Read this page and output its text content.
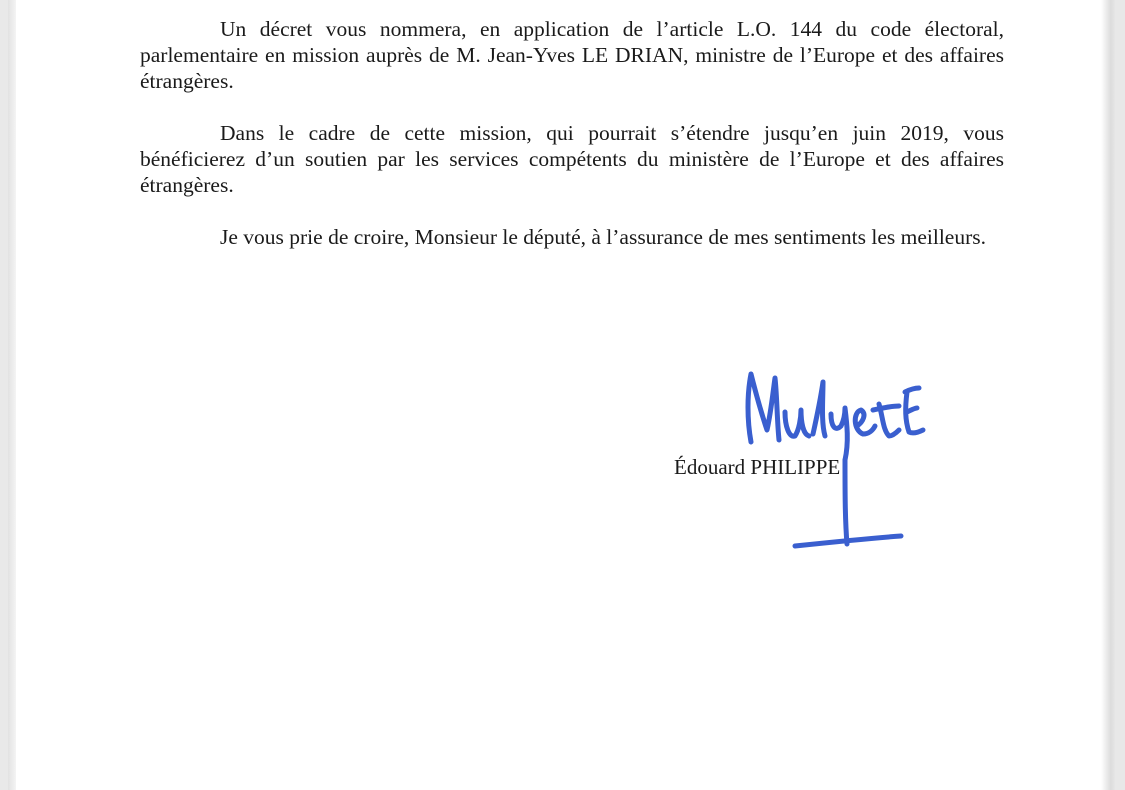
Un décret vous nommera, en application de l’article L.O. 144 du code électoral, parlementaire en mission auprès de M. Jean-Yves LE DRIAN, ministre de l’Europe et des affaires étrangères.

Dans le cadre de cette mission, qui pourrait s’étendre jusqu’en juin 2019, vous bénéficierez d’un soutien par les services compétents du ministère de l’Europe et des affaires étrangères.

Je vous prie de croire, Monsieur le député, à l’assurance de mes sentiments les meilleurs.

Édouard PHILIPPE
